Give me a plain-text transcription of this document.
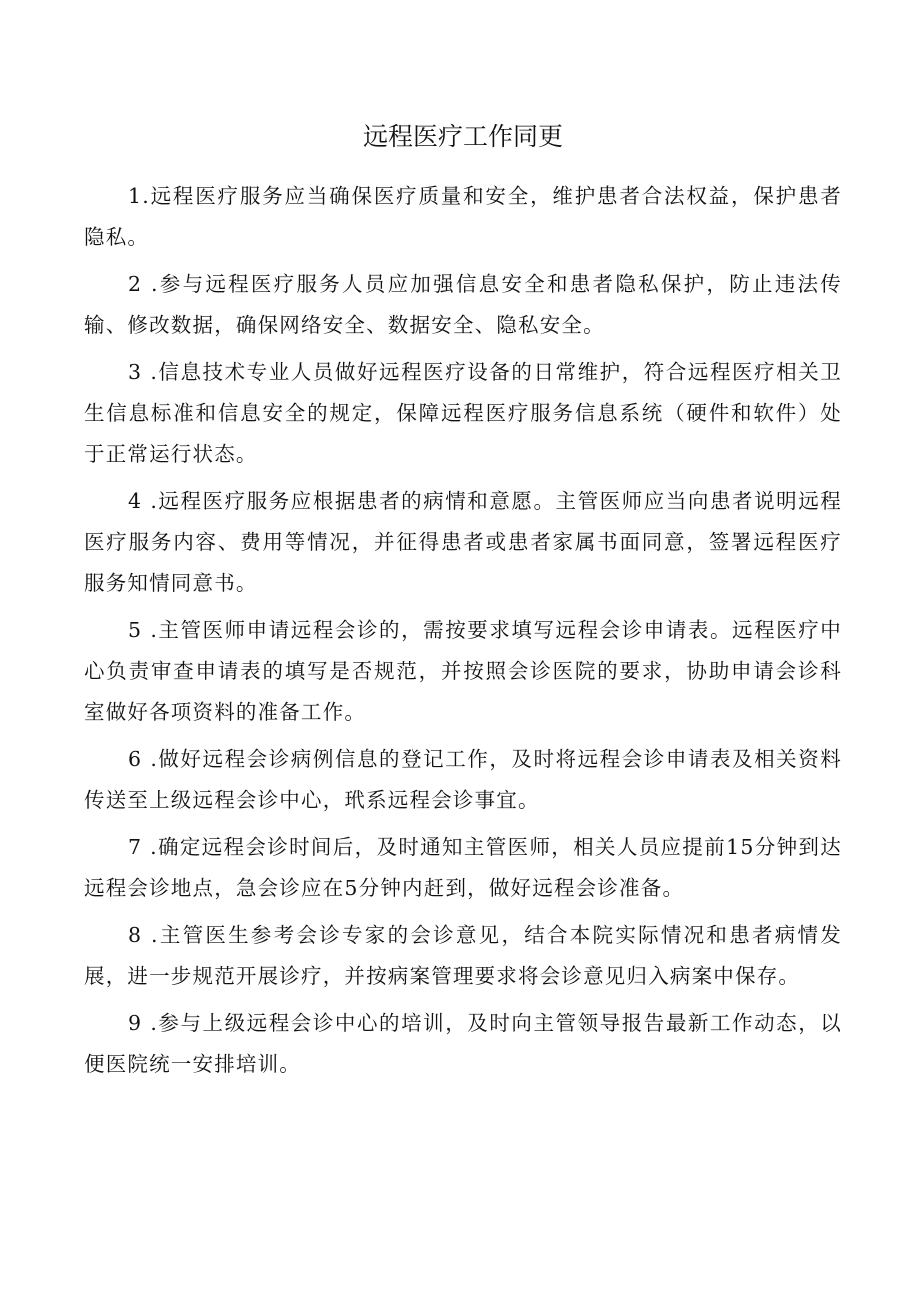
远程医疗工作同更
1.远程医疗服务应当确保医疗质量和安全，维护患者合法权益，保护患者隐私。
2 .参与远程医疗服务人员应加强信息安全和患者隐私保护，防止违法传输、修改数据，确保网络安全、数据安全、隐私安全。
3 .信息技术专业人员做好远程医疗设备的日常维护，符合远程医疗相关卫生信息标准和信息安全的规定，保障远程医疗服务信息系统（硬件和软件）处于正常运行状态。
4 .远程医疗服务应根据患者的病情和意愿。主管医师应当向患者说明远程医疗服务内容、费用等情况，并征得患者或患者家属书面同意，签署远程医疗服务知情同意书。
5 .主管医师申请远程会诊的，需按要求填写远程会诊申请表。远程医疗中心负责审查申请表的填写是否规范，并按照会诊医院的要求，协助申请会诊科室做好各项资料的准备工作。
6 .做好远程会诊病例信息的登记工作，及时将远程会诊申请表及相关资料传送至上级远程会诊中心，玳系远程会诊事宜。
7 .确定远程会诊时间后，及时通知主管医师，相关人员应提前15分钟到达远程会诊地点，急会诊应在5分钟内赶到，做好远程会诊准备。
8 .主管医生参考会诊专家的会诊意见，结合本院实际情况和患者病情发展，进一步规范开展诊疗，并按病案管理要求将会诊意见归入病案中保存。
9 .参与上级远程会诊中心的培训，及时向主管领导报告最新工作动态，以便医院统一安排培训。
